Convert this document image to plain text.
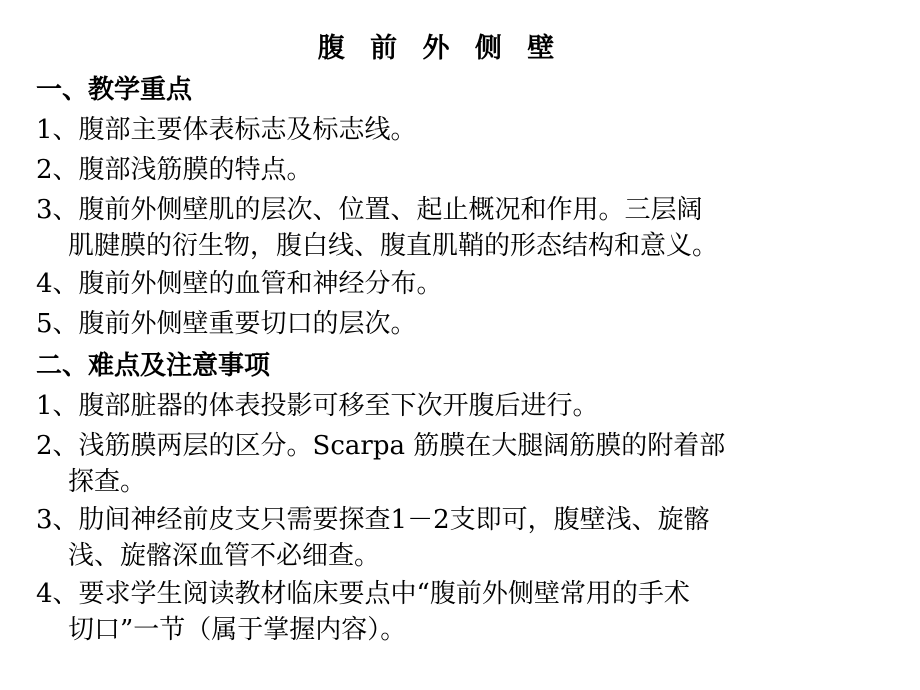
腹 前 外 侧 壁
一、教学重点
1、腹部主要体表标志及标志线。
2、腹部浅筋膜的特点。
3、腹前外侧壁肌的层次、位置、起止概况和作用。三层阔
肌腱膜的衍生物，腹白线、腹直肌鞘的形态结构和意义。
4、腹前外侧壁的血管和神经分布。
5、腹前外侧壁重要切口的层次。
二、难点及注意事项
1、腹部脏器的体表投影可移至下次开腹后进行。
2、浅筋膜两层的区分。Scarpa 筋膜在大腿阔筋膜的附着部
探查。
3、肋间神经前皮支只需要探查1－2支即可，腹壁浅、旋髂
浅、旋髂深血管不必细查。
4、要求学生阅读教材临床要点中“腹前外侧壁常用的手术
切口”一节（属于掌握内容）。
